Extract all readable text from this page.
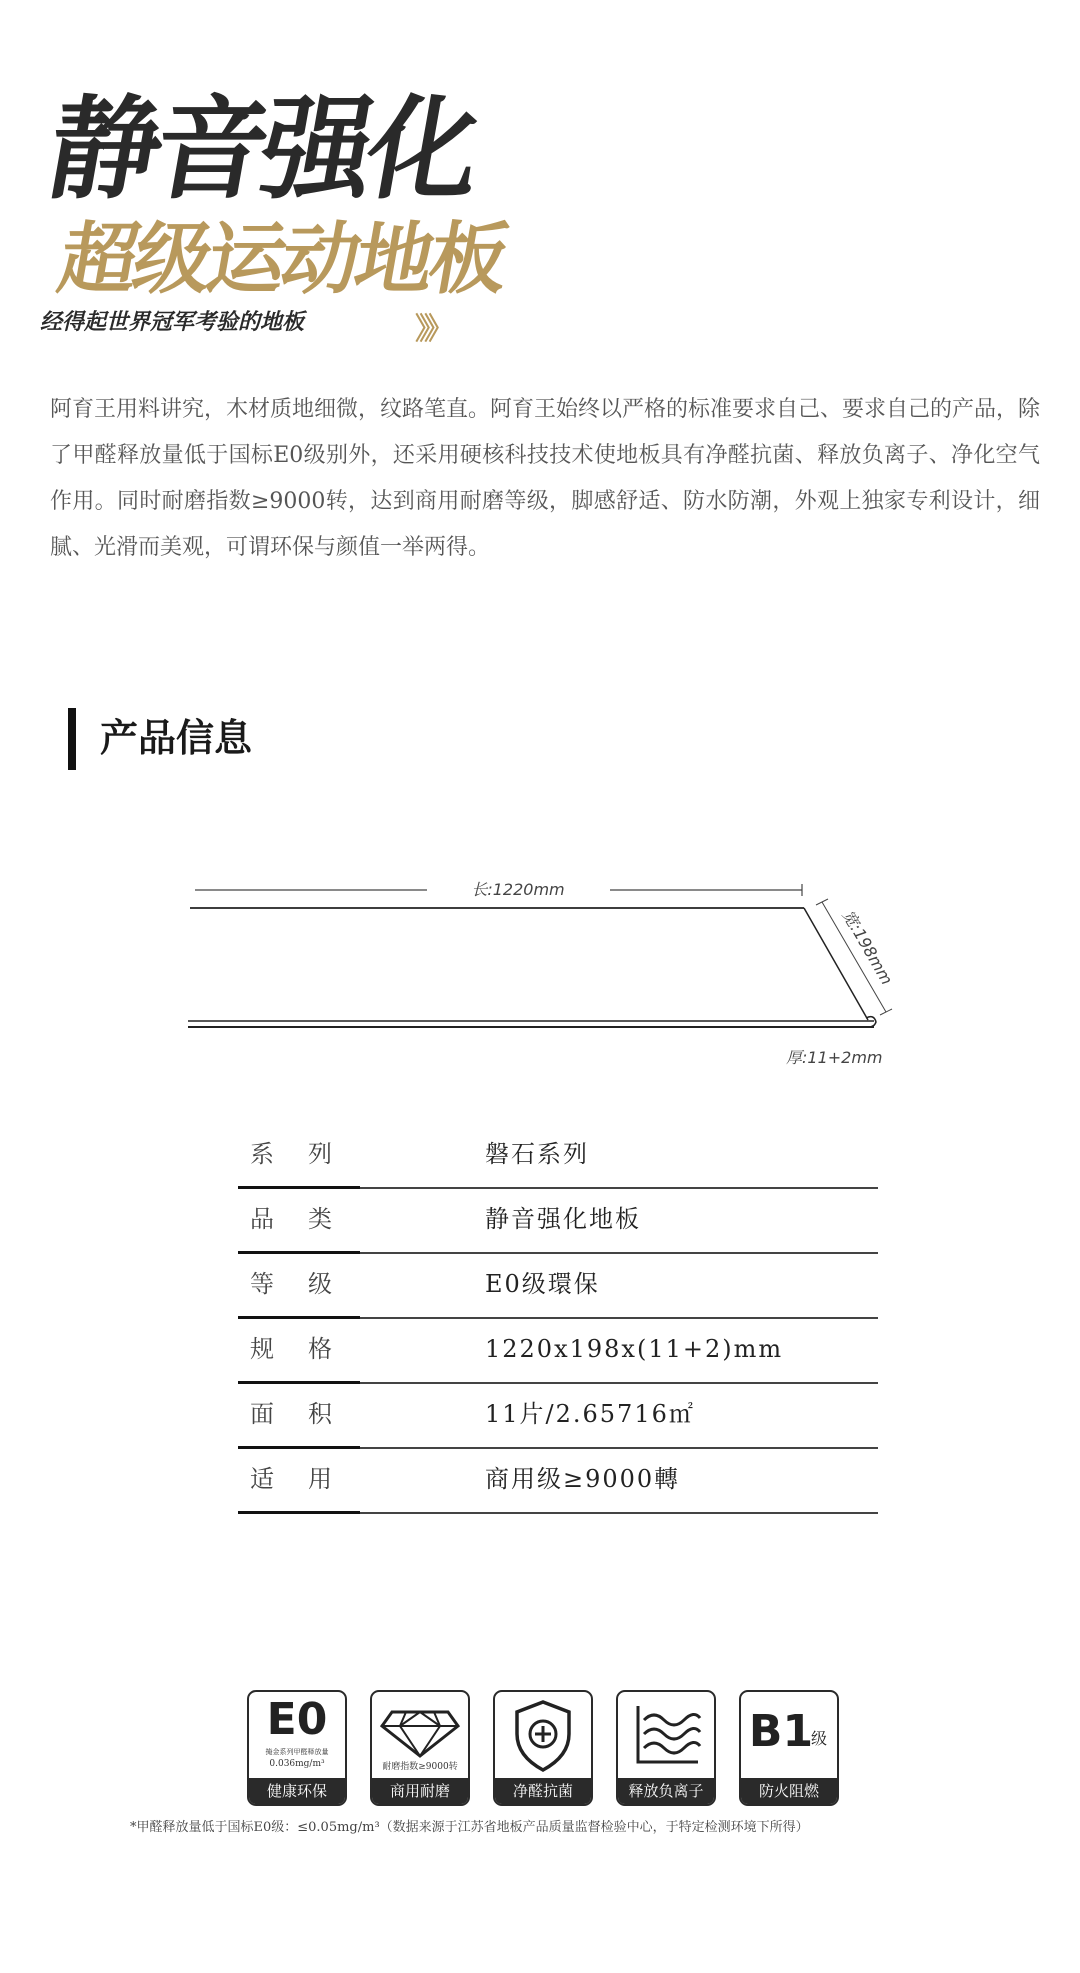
静音强化
超级运动地板
经得起世界冠军考验的地板	》》
阿育王用料讲究，木材质地细微，纹路笔直。阿育王始终以严格的标准要求自己、要求自己的产品，除了甲醛释放量低于国标E0级别外，还采用硬核科技技术使地板具有净醛抗菌、释放负离子、净化空气作用。同时耐磨指数≥9000转，达到商用耐磨等级，脚感舒适、防水防潮，外观上独家专利设计，细腻、光滑而美观，可谓环保与颜值一举两得。
产品信息
长:1220mm
宽:198mm
厚:11+2mm
系列	磐石系列
品类	静音强化地板
等级	E0级環保
规格	1220x198x(11+2)mm
面积	11片/2.65716㎡
适用	商用级≥9000轉
E0
掩金系列甲醛释放量
0.036mg/m³
健康环保
耐磨指数≥9000转
商用耐磨	净醛抗菌	释放负离子
B1
级
防火阻燃
*甲醛释放量低于国标E0级：≤0.05mg/m³（数据来源于江苏省地板产品质量监督检验中心，于特定检测环境下所得）
